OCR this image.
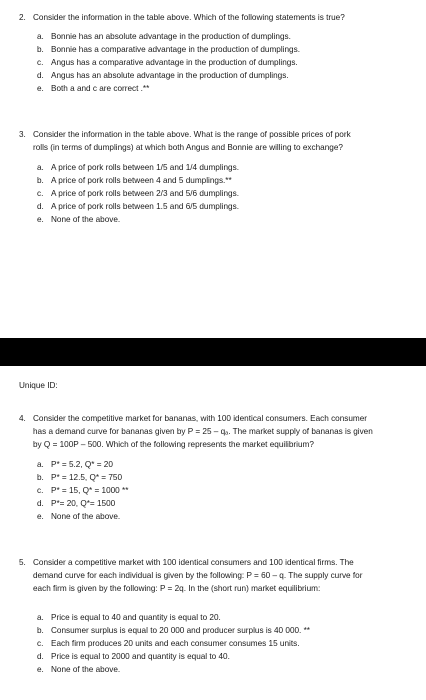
2. Consider the information in the table above. Which of the following statements is true?
a. Bonnie has an absolute advantage in the production of dumplings.
b. Bonnie has a comparative advantage in the production of dumplings.
c. Angus has a comparative advantage in the production of dumplings.
d. Angus has an absolute advantage in the production of dumplings.
e. Both a and c are correct .**
3. Consider the information in the table above. What is the range of possible prices of pork
rolls (in terms of dumplings) at which both Angus and Bonnie are willing to exchange?
a. A price of pork rolls between 1/5 and 1/4 dumplings.
b. A price of pork rolls between 4 and 5 dumplings.**
c. A price of pork rolls between 2/3 and 5/6 dumplings.
d. A price of pork rolls between 1.5 and 6/5 dumplings.
e. None of the above.
Unique ID:
4. Consider the competitive market for bananas, with 100 identical consumers. Each consumer
has a demand curve for bananas given by P = 25 – qₐ. The market supply of bananas is given
by Q = 100P – 500. Which of the following represents the market equilibrium?
a. P* = 5.2, Q* = 20
b. P* = 12.5, Q* = 750
c. P* = 15, Q* = 1000 **
d. P*= 20, Q*= 1500
e. None of the above.
5. Consider a competitive market with 100 identical consumers and 100 identical firms. The
demand curve for each individual is given by the following: P = 60 – q. The supply curve for
each firm is given by the following: P = 2q. In the (short run) market equilibrium:
a. Price is equal to 40 and quantity is equal to 20.
b. Consumer surplus is equal to 20 000 and producer surplus is 40 000. **
c. Each firm produces 20 units and each consumer consumes 15 units.
d. Price is equal to 2000 and quantity is equal to 40.
e. None of the above.
